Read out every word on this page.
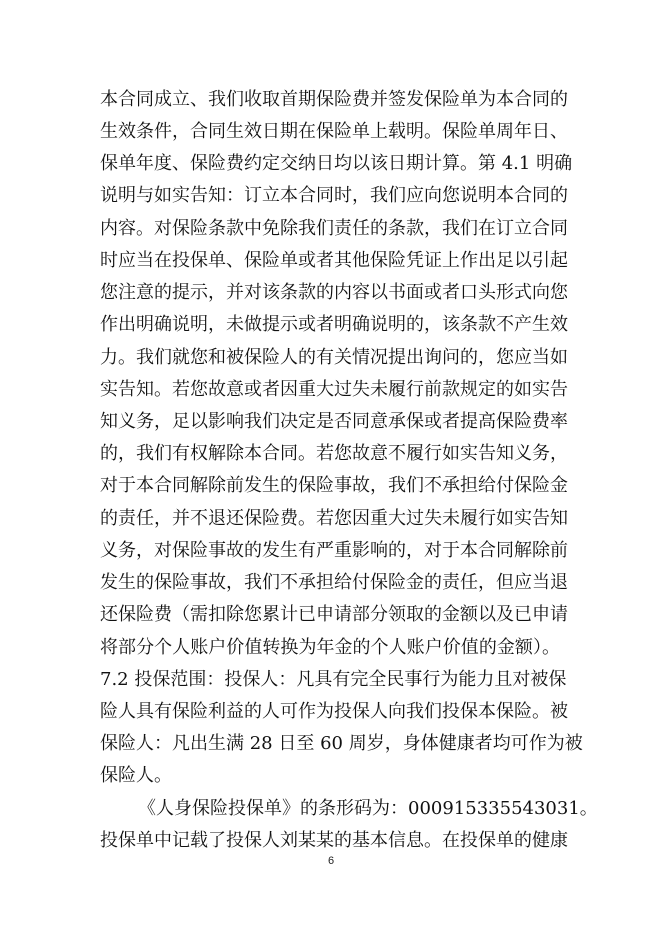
本合同成立、我们收取首期保险费并签发保险单为本合同的
生效条件，合同生效日期在保险单上载明。保险单周年日、
保单年度、保险费约定交纳日均以该日期计算。第 4.1 明确
说明与如实告知：订立本合同时，我们应向您说明本合同的
内容。对保险条款中免除我们责任的条款，我们在订立合同
时应当在投保单、保险单或者其他保险凭证上作出足以引起
您注意的提示，并对该条款的内容以书面或者口头形式向您
作出明确说明，未做提示或者明确说明的，该条款不产生效
力。我们就您和被保险人的有关情况提出询问的，您应当如
实告知。若您故意或者因重大过失未履行前款规定的如实告
知义务，足以影响我们决定是否同意承保或者提高保险费率
的，我们有权解除本合同。若您故意不履行如实告知义务，
对于本合同解除前发生的保险事故，我们不承担给付保险金
的责任，并不退还保险费。若您因重大过失未履行如实告知
义务，对保险事故的发生有严重影响的，对于本合同解除前
发生的保险事故，我们不承担给付保险金的责任，但应当退
还保险费（需扣除您累计已申请部分领取的金额以及已申请
将部分个人账户价值转换为年金的个人账户价值的金额）。
7.2 投保范围：投保人：凡具有完全民事行为能力且对被保
险人具有保险利益的人可作为投保人向我们投保本保险。被
保险人：凡出生满 28 日至 60 周岁，身体健康者均可作为被
保险人。
《人身保险投保单》的条形码为：000915335543031。
投保单中记载了投保人刘某某的基本信息。在投保单的健康
6
